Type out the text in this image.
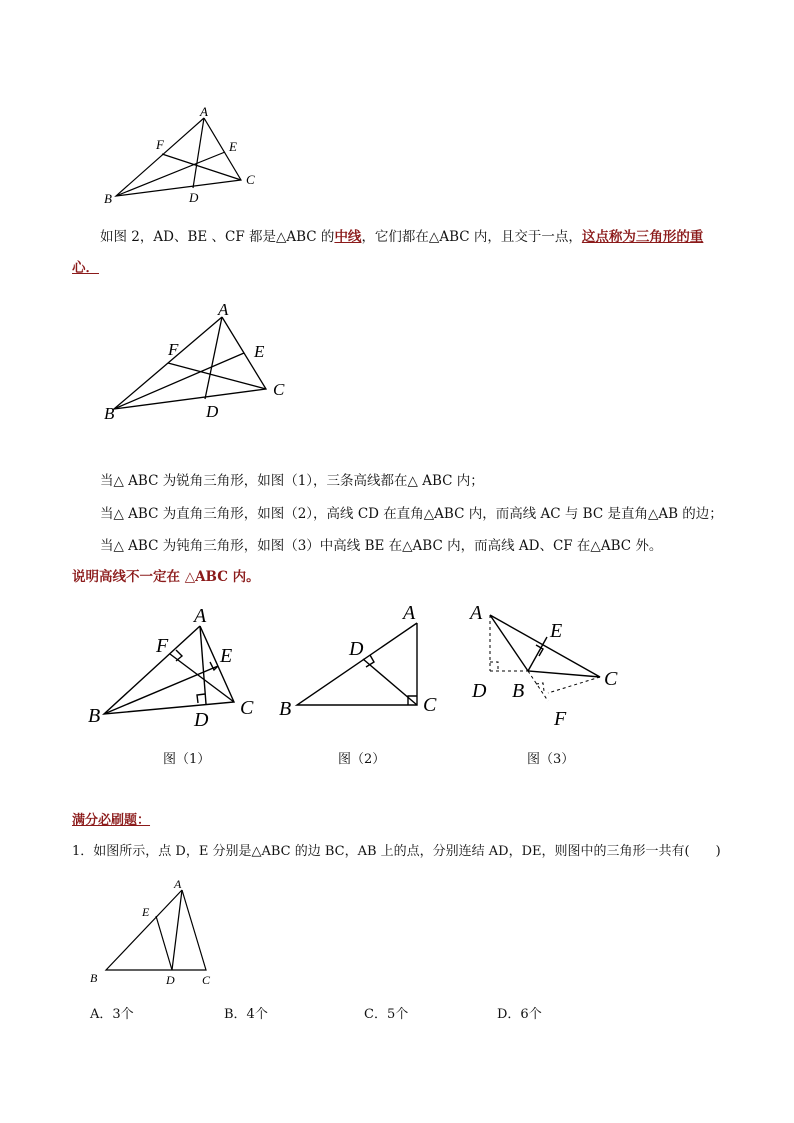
A
F	E
C
B	D
如图 2，AD、BE 、CF 都是△ABC 的中线，它们都在△ABC 内，且交于一点，这点称为三角形的重
心．
A
F	E
C
B	D
当△ ABC 为锐角三角形，如图（1），三条高线都在△ ABC 内；
当△ ABC 为直角三角形，如图（2），高线 CD 在直角△ABC 内，而高线 AC 与 BC 是直角△AB 的边；
当△ ABC 为钝角三角形，如图（3）中高线 BE 在△ABC 内，而高线 AD、CF 在△ABC 外。
说明高线不一定在 △ABC 内。
A
F	E
B	D
C
图（1）
A
D
B	C
图（2）
A
E
C
D B
F
图（3）
满分必刷题：
1．如图所示，点 D，E 分别是△ABC 的边 BC，AB 上的点，分别连结 AD，DE，则图中的三角形一共有(　　)
A
E
B	D C
A．3个	B．4个	C．5个	D．6个
